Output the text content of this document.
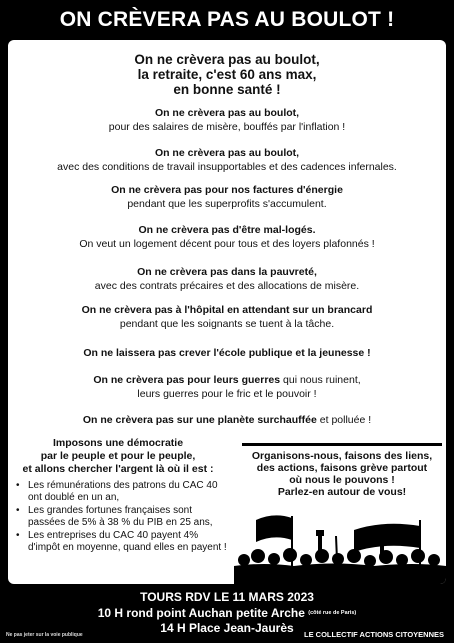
ON CRÈVERA PAS AU BOULOT !
On ne crèvera pas au boulot,
la retraite, c'est 60 ans max,
en bonne santé !
On ne crèvera pas au boulot,
pour des salaires de misère, bouffés par l'inflation !
On ne crèvera pas au boulot,
avec des conditions de travail insupportables et des cadences infernales.
On ne crèvera pas pour nos factures d'énergie
pendant que les superprofits s'accumulent.
On ne crèvera pas d'être mal-logés.
On veut un logement décent pour tous et des loyers plafonnés !
On ne crèvera pas dans la pauvreté,
avec des contrats précaires et des allocations de misère.
On ne crèvera pas à l'hôpital en attendant sur un brancard
pendant que les soignants se tuent à la tâche.
On ne laissera pas crever l'école publique et la jeunesse !
On ne crèvera pas pour leurs guerres qui nous ruinent,
leurs guerres pour le fric et le pouvoir !
On ne crèvera pas sur une planète surchauffée et polluée !
Imposons une démocratie
par le peuple et pour le peuple,
et allons chercher l'argent là où il est :
• Les rémunérations des patrons du CAC 40 ont doublé en un an,
• Les grandes fortunes françaises sont passées de 5% à 38 % du PIB en 25 ans,
• Les entreprises du CAC 40 payent 4% d'impôt en moyenne, quand elles en payent !
Organisons-nous, faisons des liens,
des actions, faisons grève partout
où nous le pouvons !
Parlez-en autour de vous!
TOURS RDV LE 11 MARS 2023
10 H rond point Auchan petite Arche $^{(côté rue de Paris)}$
14 H Place Jean-Jaurès
Ne pas jeter sur la voie publique	LE COLLECTIF ACTIONS CITOYENNES
